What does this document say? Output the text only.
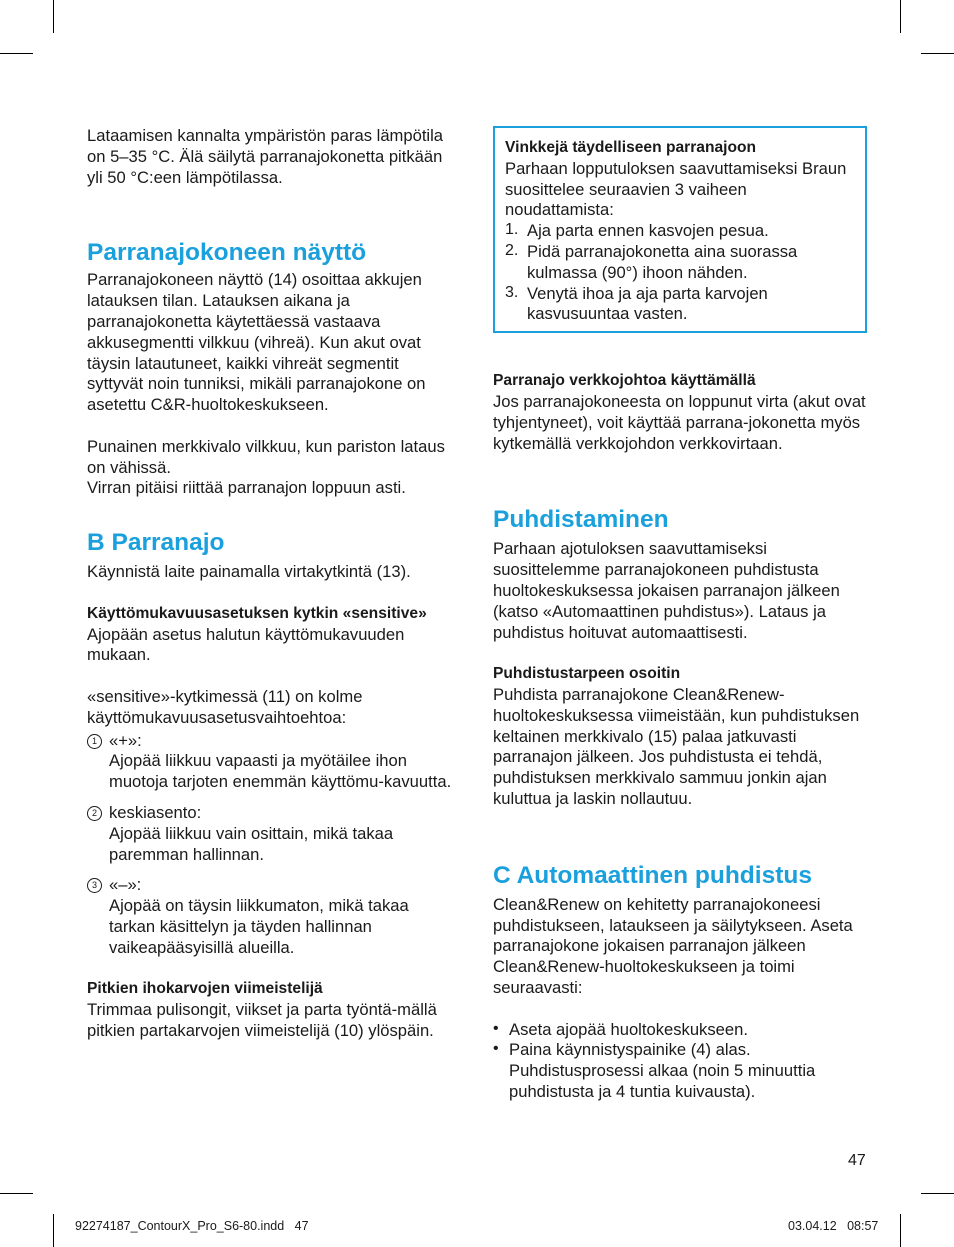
Lataamisen kannalta ympäristön paras lämpötila on 5–35 °C. Älä säilytä parranajokonetta pitkään yli 50 °C:een lämpötilassa.

Parranajokoneen näyttö

Parranajokoneen näyttö (14) osoittaa akkujen latauksen tilan. Latauksen aikana ja parranajokonetta käytettäessä vastaava akkusegmentti vilkkuu (vihreä). Kun akut ovat täysin latautuneet, kaikki vihreät segmentit syttyvät noin tunniksi, mikäli parranajokone on asetettu C&R-huoltokeskukseen.

Punainen merkkivalo vilkkuu, kun pariston lataus on vähissä.
Virran pitäisi riittää parranajon loppuun asti.

B Parranajo

Käynnistä laite painamalla virtakytkintä (13).

Käyttömukavuusasetuksen kytkin «sensitive»

Ajopään asetus halutun käyttömukavuuden mukaan.

«sensitive»-kytkimessä (11) on kolme käyttömukavuusasetusvaihtoehtoa:

1 «+»:

Ajopää liikkuu vapaasti ja myötäilee ihon muotoja tarjoten enemmän käyttömu-kavuutta.

2 keskiasento:

Ajopää liikkuu vain osittain, mikä takaa paremman hallinnan.

3 «–»:

Ajopää on täysin liikkumaton, mikä takaa tarkan käsittelyn ja täyden hallinnan vaikeapääsyisillä alueilla.

Pitkien ihokarvojen viimeistelijä

Trimmaa pulisongit, viikset ja parta työntä-mällä pitkien partakarvojen viimeistelijä (10) ylöspäin.

Vinkkejä täydelliseen parranajoon

Parhaan lopputuloksen saavuttamiseksi Braun suosittelee seuraavien 3 vaiheen noudattamista:

1. Aja parta ennen kasvojen pesua.

2. Pidä parranajokonetta aina suorassa kulmassa (90°) ihoon nähden.

3. Venytä ihoa ja aja parta karvojen kasvusuuntaa vasten.

Parranajo verkkojohtoa käyttämällä

Jos parranajokoneesta on loppunut virta (akut ovat tyhjentyneet), voit käyttää parrana-jokonetta myös kytkemällä verkkojohdon verkkovirtaan.

Puhdistaminen

Parhaan ajotuloksen saavuttamiseksi suosittelemme parranajokoneen puhdistusta huoltokeskuksessa jokaisen parranajon jälkeen (katso «Automaattinen puhdistus»). Lataus ja puhdistus hoituvat automaattisesti.

Puhdistustarpeen osoitin

Puhdista parranajokone Clean&Renew-huoltokeskuksessa viimeistään, kun puhdistuksen keltainen merkkivalo (15) palaa jatkuvasti parranajon jälkeen. Jos puhdistusta ei tehdä, puhdistuksen merkkivalo sammuu jonkin ajan kuluttua ja laskin nollautuu.

C Automaattinen puhdistus

Clean&Renew on kehitetty parranajokoneesi puhdistukseen, lataukseen ja säilytykseen. Aseta parranajokone jokaisen parranajon jälkeen Clean&Renew-huoltokeskukseen ja toimi seuraavasti:

• Aseta ajopää huoltokeskukseen.

• Paina käynnistyspainike (4) alas. Puhdistusprosessi alkaa (noin 5 minuuttia puhdistusta ja 4 tuntia kuivausta).

47
92274187_ContourX_Pro_S6-80.indd   47	03.04.12   08:57
